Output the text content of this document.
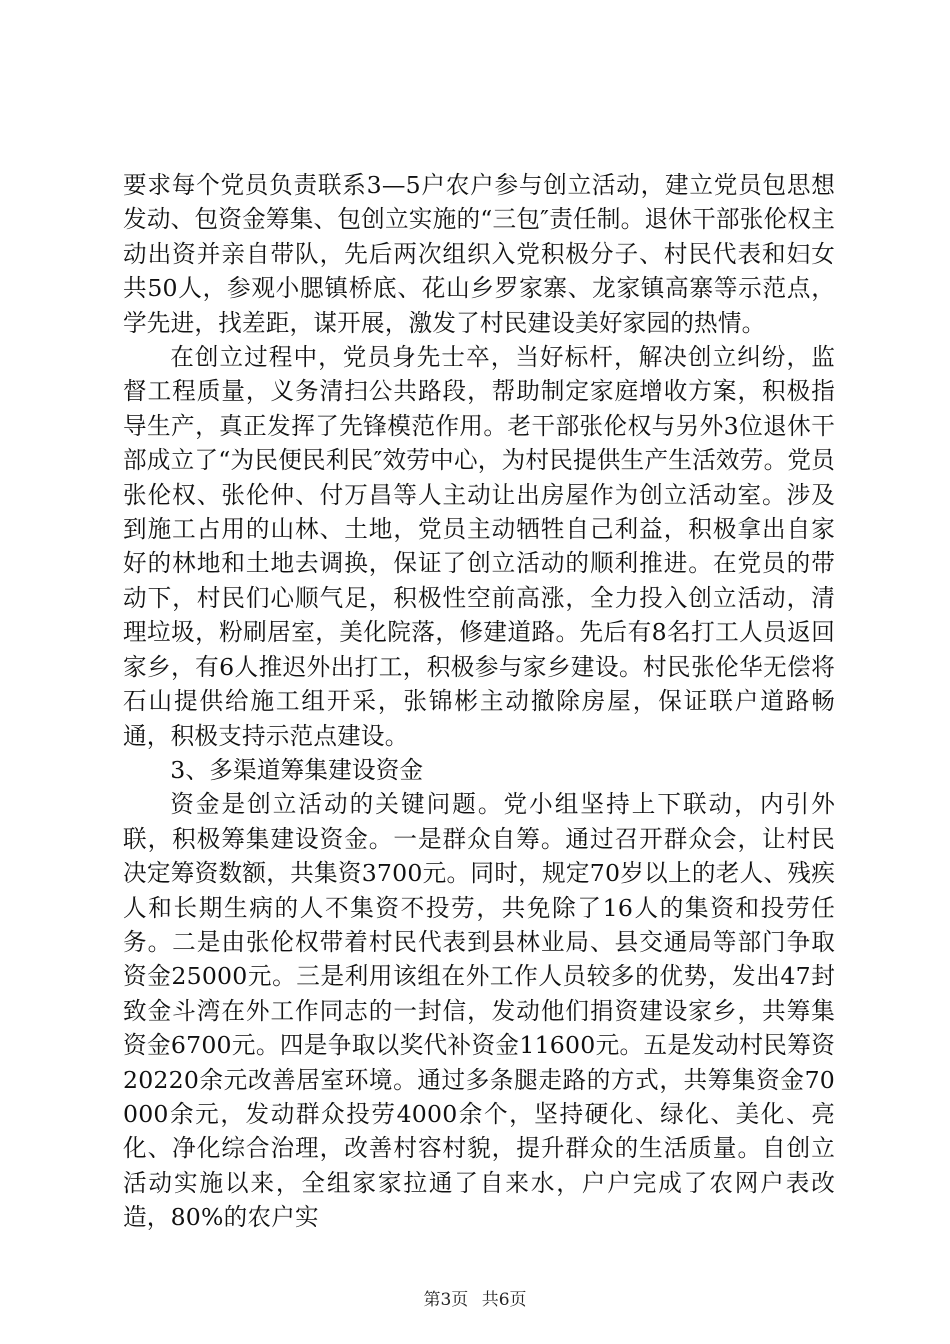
要求每个党员负责联系3—5户农户参与创立活动，建立党员包思想发动、包资金筹集、包创立实施的“三包″责任制。退休干部张伦权主动出资并亲自带队，先后两次组织入党积极分子、村民代表和妇女共50人，参观小腮镇桥底、花山乡罗家寨、龙家镇高寨等示范点，学先进，找差距，谋开展，激发了村民建设美好家园的热情。

在创立过程中，党员身先士卒，当好标杆，解决创立纠纷，监督工程质量，义务清扫公共路段，帮助制定家庭增收方案，积极指导生产，真正发挥了先锋模范作用。老干部张伦权与另外3位退休干部成立了“为民便民利民″效劳中心，为村民提供生产生活效劳。党员张伦权、张伦仲、付万昌等人主动让出房屋作为创立活动室。涉及到施工占用的山林、土地，党员主动牺牲自己利益，积极拿出自家好的林地和土地去调换，保证了创立活动的顺利推进。在党员的带动下，村民们心顺气足，积极性空前高涨，全力投入创立活动，清理垃圾，粉刷居室，美化院落，修建道路。先后有8名打工人员返回家乡，有6人推迟外出打工，积极参与家乡建设。村民张伦华无偿将石山提供给施工组开采，张锦彬主动撤除房屋，保证联户道路畅通，积极支持示范点建设。

3、多渠道筹集建设资金

资金是创立活动的关键问题。党小组坚持上下联动，内引外联，积极筹集建设资金。一是群众自筹。通过召开群众会，让村民决定筹资数额，共集资3700元。同时，规定70岁以上的老人、残疾人和长期生病的人不集资不投劳，共免除了16人的集资和投劳任务。二是由张伦权带着村民代表到县林业局、县交通局等部门争取资金25000元。三是利用该组在外工作人员较多的优势，发出47封致金斗湾在外工作同志的一封信，发动他们捐资建设家乡，共筹集资金6700元。四是争取以奖代补资金11600元。五是发动村民筹资20220余元改善居室环境。通过多条腿走路的方式，共筹集资金70000余元，发动群众投劳4000余个，坚持硬化、绿化、美化、亮化、净化综合治理，改善村容村貌，提升群众的生活质量。自创立活动实施以来，全组家家拉通了自来水，户户完成了农网户表改造，80%的农户实

第3页 共6页
